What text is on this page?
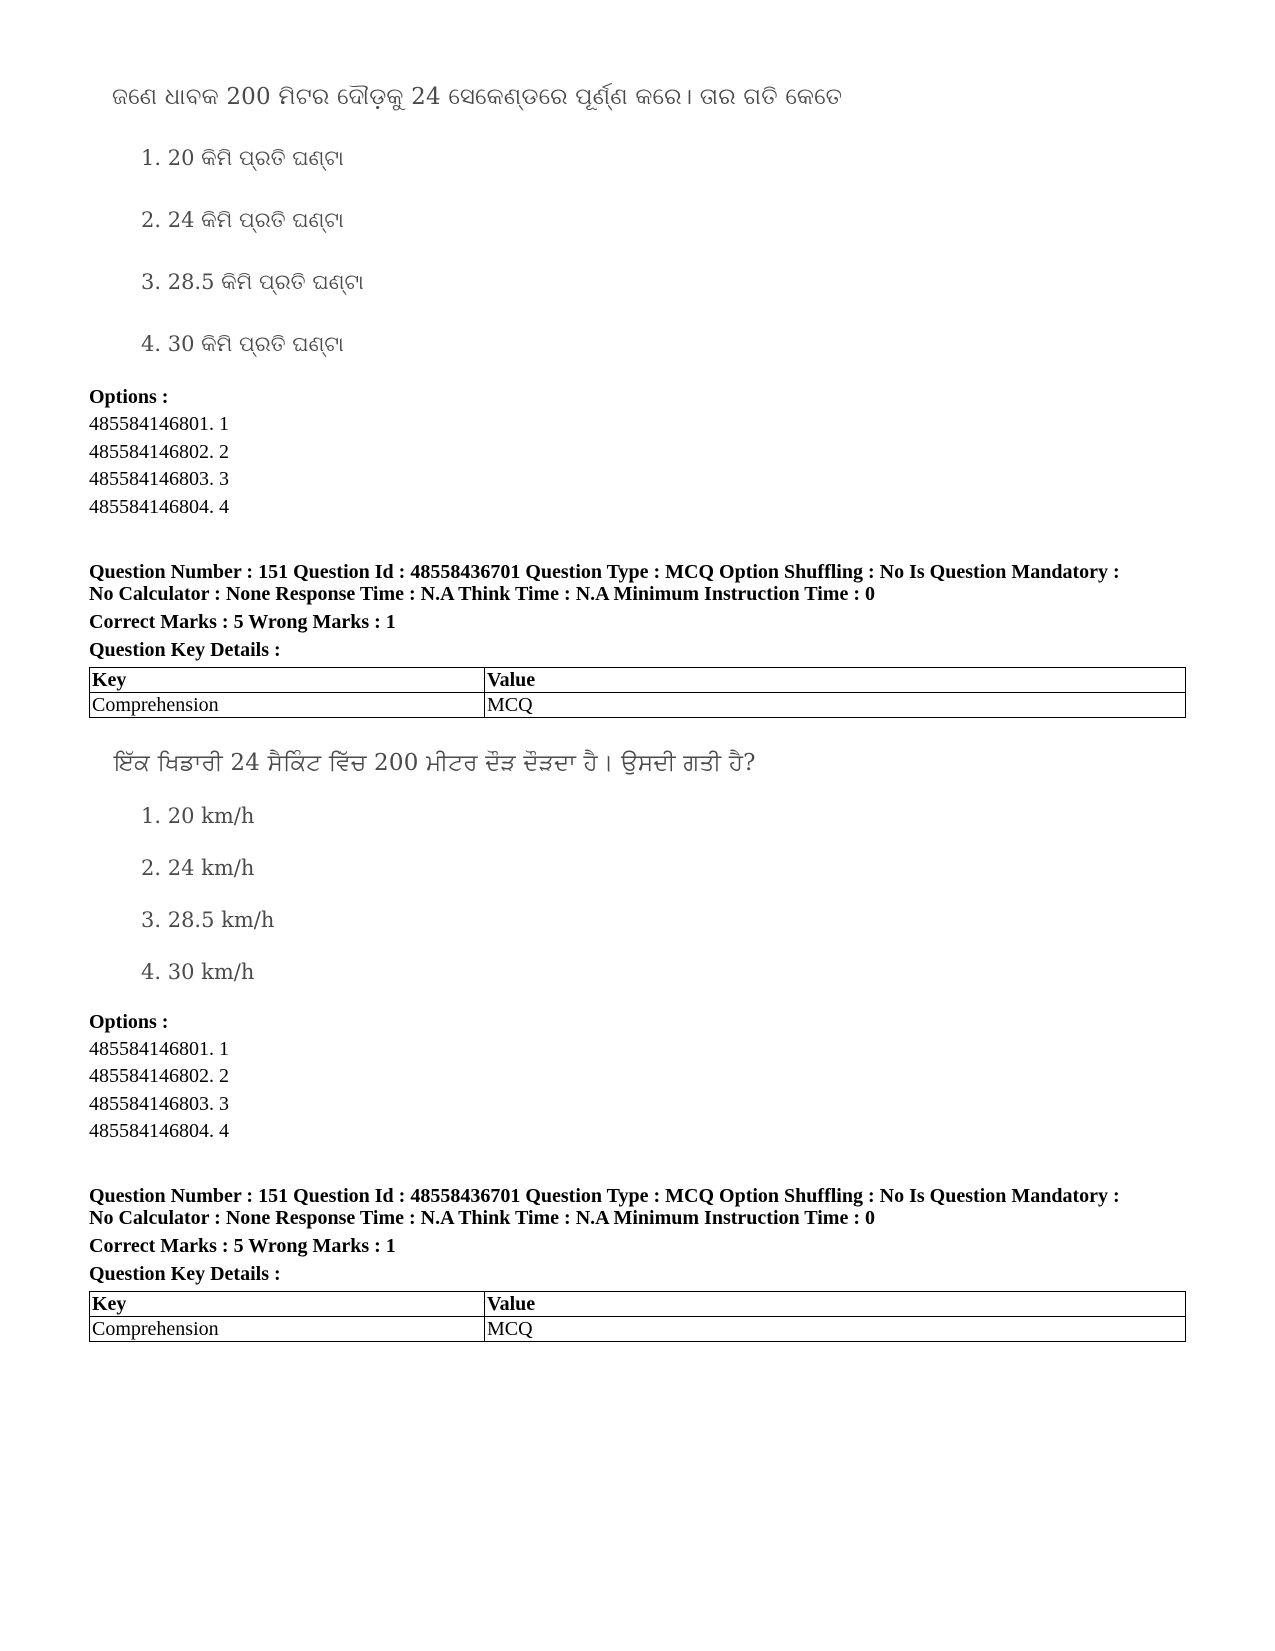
ଜଣେ ଧାବକ 200 ମିଟର ଦୌଡ଼କୁ 24 ସେକେଣ୍ଡରେ ପୂର୍ଣ୍ଣ କରେ। ତାର ଗତି କେତେ
1. 20 କିମି ପ୍ରତି ଘଣ୍ଟା
2. 24 କିମି ପ୍ରତି ଘଣ୍ଟା
3. 28.5 କିମି ପ୍ରତି ଘଣ୍ଟା
4. 30 କିମି ପ୍ରତି ଘଣ୍ଟା
Options :
485584146801. 1
485584146802. 2
485584146803. 3
485584146804. 4
Question Number : 151 Question Id : 48558436701 Question Type : MCQ Option Shuffling : No Is Question Mandatory :
No Calculator : None Response Time : N.A Think Time : N.A Minimum Instruction Time : 0
Correct Marks : 5 Wrong Marks : 1
Question Key Details :
Key	Value
Comprehension	MCQ
ਇੱਕ ਖਿਡਾਰੀ 24 ਸੈਕਿੰਟ ਵਿੱਚ 200 ਮੀਟਰ ਦੌੜ ਦੌੜਦਾ ਹੈ। ਉਸਦੀ ਗਤੀ ਹੈ?
1. 20 km/h
2. 24 km/h
3. 28.5 km/h
4. 30 km/h
Options :
485584146801. 1
485584146802. 2
485584146803. 3
485584146804. 4
Question Number : 151 Question Id : 48558436701 Question Type : MCQ Option Shuffling : No Is Question Mandatory :
No Calculator : None Response Time : N.A Think Time : N.A Minimum Instruction Time : 0
Correct Marks : 5 Wrong Marks : 1
Question Key Details :
Key	Value
Comprehension	MCQ
